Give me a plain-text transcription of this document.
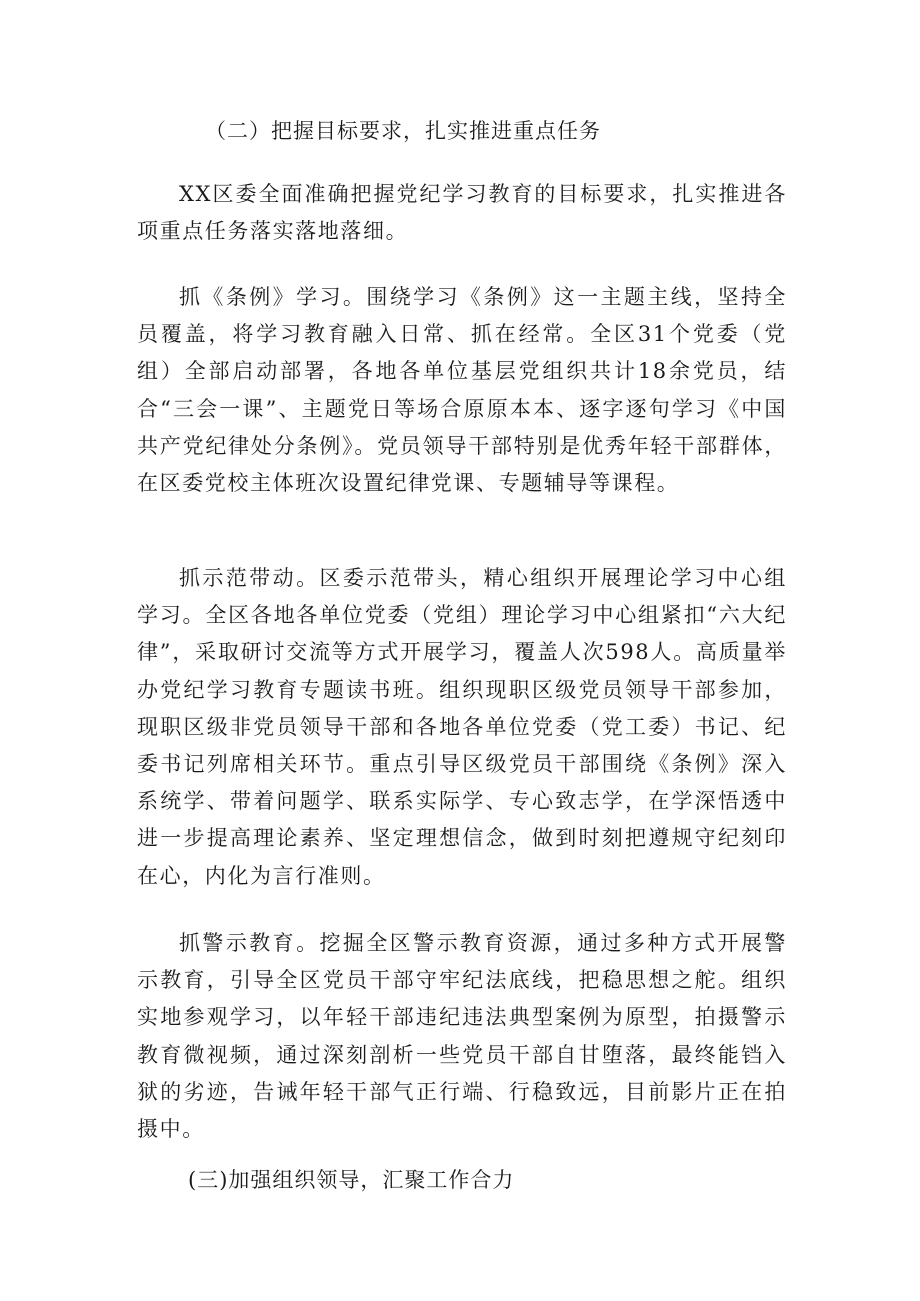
（二）把握目标要求，扎实推进重点任务

XX区委全面准确把握党纪学习教育的目标要求，扎实推进各项重点任务落实落地落细。

抓《条例》学习。围绕学习《条例》这一主题主线，坚持全员覆盖，将学习教育融入日常、抓在经常。全区31个党委（党组）全部启动部署，各地各单位基层党组织共计18余党员，结合“三会一课”、主题党日等场合原原本本、逐字逐句学习《中国共产党纪律处分条例》。党员领导干部特别是优秀年轻干部群体，在区委党校主体班次设置纪律党课、专题辅导等课程。

抓示范带动。区委示范带头，精心组织开展理论学习中心组学习。全区各地各单位党委（党组）理论学习中心组紧扣“六大纪律”，采取研讨交流等方式开展学习，覆盖人次598人。高质量举办党纪学习教育专题读书班。组织现职区级党员领导干部参加，现职区级非党员领导干部和各地各单位党委（党工委）书记、纪委书记列席相关环节。重点引导区级党员干部围绕《条例》深入系统学、带着问题学、联系实际学、专心致志学，在学深悟透中进一步提高理论素养、坚定理想信念，做到时刻把遵规守纪刻印在心，内化为言行准则。

抓警示教育。挖掘全区警示教育资源，通过多种方式开展警示教育，引导全区党员干部守牢纪法底线，把稳思想之舵。组织实地参观学习，以年轻干部违纪违法典型案例为原型，拍摄警示教育微视频，通过深刻剖析一些党员干部自甘堕落，最终能铛入狱的劣迹，告诫年轻干部气正行端、行稳致远，目前影片正在拍摄中。

(三)加强组织领导，汇聚工作合力
